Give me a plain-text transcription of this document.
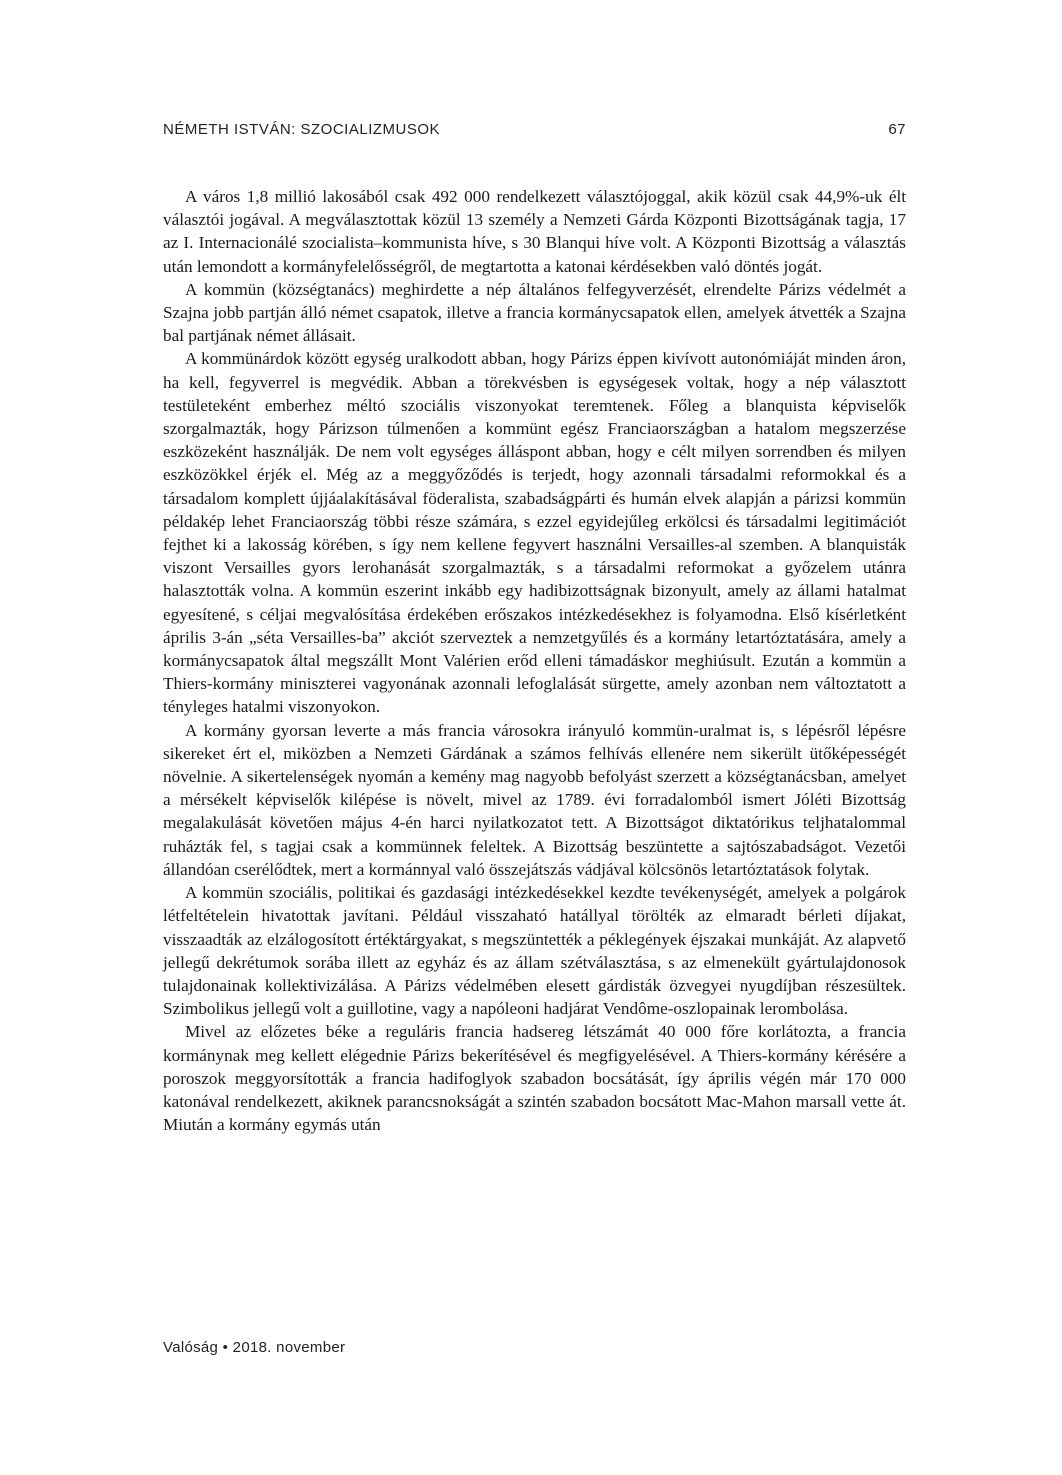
NÉMETH ISTVÁN: SZOCIALIZMUSOK	67

A város 1,8 millió lakosából csak 492 000 rendelkezett választójoggal, akik közül csak 44,9%-uk élt választói jogával. A megválasztottak közül 13 személy a Nemzeti Gárda Központi Bizottságának tagja, 17 az I. Internacionálé szocialista–kommunista híve, s 30 Blanqui híve volt. A Központi Bizottság a választás után lemondott a kormányfelelősségről, de megtartotta a katonai kérdésekben való döntés jogát.

A kommün (községtanács) meghirdette a nép általános felfegyverzését, elrendelte Párizs védelmét a Szajna jobb partján álló német csapatok, illetve a francia kormánycsapatok ellen, amelyek átvették a Szajna bal partjának német állásait.

A kommünárdok között egység uralkodott abban, hogy Párizs éppen kivívott autonómiáját minden áron, ha kell, fegyverrel is megvédik. Abban a törekvésben is egységesek voltak, hogy a nép választott testületeként emberhez méltó szociális viszonyokat teremtenek. Főleg a blanquista képviselők szorgalmazták, hogy Párizson túlmenően a kommünt egész Franciaországban a hatalom megszerzése eszközeként használják. De nem volt egységes álláspont abban, hogy e célt milyen sorrendben és milyen eszközökkel érjék el. Még az a meggyőződés is terjedt, hogy azonnali társadalmi reformokkal és a társadalom komplett újjáalakításával föderalista, szabadságpárti és humán elvek alapján a párizsi kommün példakép lehet Franciaország többi része számára, s ezzel egyidejűleg erkölcsi és társadalmi legitimációt fejthet ki a lakosság körében, s így nem kellene fegyvert használni Versailles-al szemben. A blanquisták viszont Versailles gyors lerohanását szorgalmazták, s a társadalmi reformokat a győzelem utánra halasztották volna. A kommün eszerint inkább egy hadibizottságnak bizonyult, amely az állami hatalmat egyesítené, s céljai megvalósítása érdekében erőszakos intézkedésekhez is folyamodna. Első kísérletként április 3-án „séta Versailles-ba” akciót szerveztek a nemzetgyűlés és a kormány letartóztatására, amely a kormánycsapatok által megszállt Mont Valérien erőd elleni támadáskor meghiúsult. Ezután a kommün a Thiers-kormány miniszterei vagyonának azonnali lefoglalását sürgette, amely azonban nem változtatott a tényleges hatalmi viszonyokon.

A kormány gyorsan leverte a más francia városokra irányuló kommün-uralmat is, s lépésről lépésre sikereket ért el, miközben a Nemzeti Gárdának a számos felhívás ellenére nem sikerült ütőképességét növelnie. A sikertelenségek nyomán a kemény mag nagyobb befolyást szerzett a községtanácsban, amelyet a mérsékelt képviselők kilépése is növelt, mivel az 1789. évi forradalomból ismert Jóléti Bizottság megalakulását követően május 4-én harci nyilatkozatot tett. A Bizottságot diktatórikus teljhatalommal ruházták fel, s tagjai csak a kommünnek feleltek. A Bizottság beszüntette a sajtószabadságot. Vezetői állandóan cserélődtek, mert a kormánnyal való összejátszás vádjával kölcsönös letartóztatások folytak.

A kommün szociális, politikai és gazdasági intézkedésekkel kezdte tevékenységét, amelyek a polgárok létfeltételein hivatottak javítani. Például visszaható hatállyal törölték az elmaradt bérleti díjakat, visszaadták az elzálogosított értéktárgyakat, s megszüntették a péklegények éjszakai munkáját. Az alapvető jellegű dekrétumok sorába illett az egyház és az állam szétválasztása, s az elmenekült gyártulajdonosok tulajdonainak kollektivizálása. A Párizs védelmében elesett gárdisták özvegyei nyugdíjban részesültek. Szimbolikus jellegű volt a guillotine, vagy a napóleoni hadjárat Vendôme-oszlopainak lerombolása.

Mivel az előzetes béke a reguláris francia hadsereg létszámát 40 000 főre korlátozta, a francia kormánynak meg kellett elégednie Párizs bekerítésével és megfigyelésével. A Thiers-kormány kérésére a poroszok meggyorsították a francia hadifoglyok szabadon bocsátását, így április végén már 170 000 katonával rendelkezett, akiknek parancsnokságát a szintén szabadon bocsátott Mac-Mahon marsall vette át. Miután a kormány egymás után

Valóság • 2018. november
